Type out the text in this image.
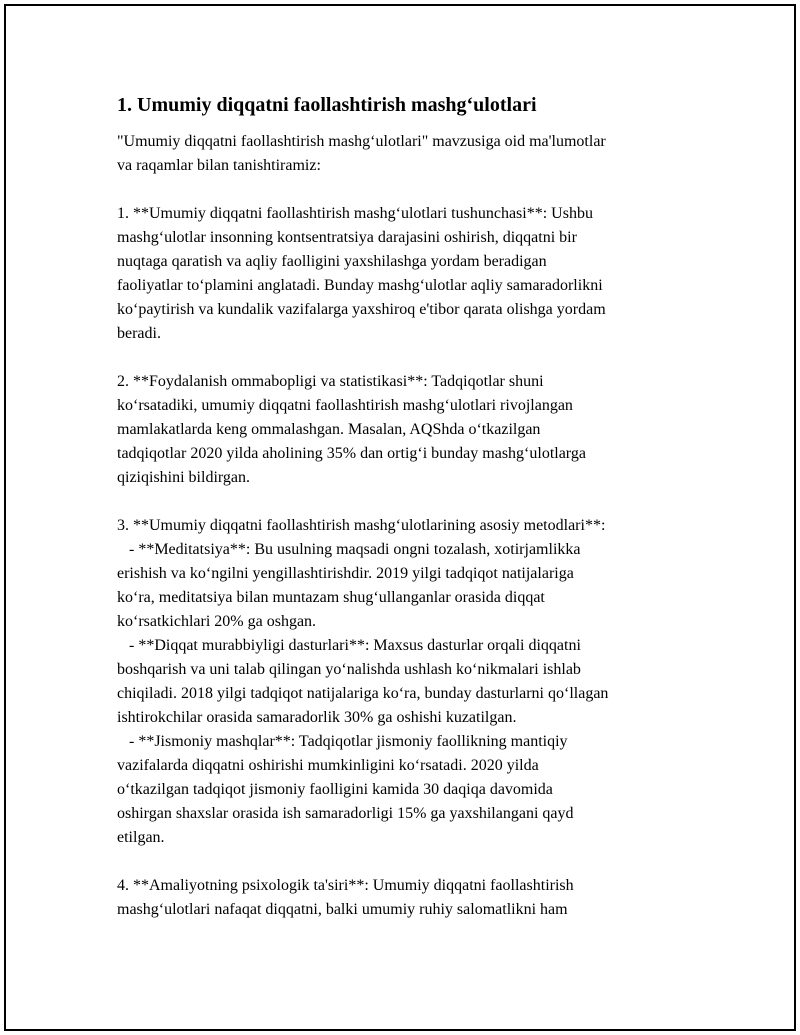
1. Umumiy diqqatni faollashtirish mashg‘ulotlari

"Umumiy diqqatni faollashtirish mashg‘ulotlari" mavzusiga oid ma'lumotlar
va raqamlar bilan tanishtiramiz:

1. **Umumiy diqqatni faollashtirish mashg‘ulotlari tushunchasi**: Ushbu
mashg‘ulotlar insonning kontsentratsiya darajasini oshirish, diqqatni bir
nuqtaga qaratish va aqliy faolligini yaxshilashga yordam beradigan
faoliyatlar to‘plamini anglatadi. Bunday mashg‘ulotlar aqliy samaradorlikni
ko‘paytirish va kundalik vazifalarga yaxshiroq e'tibor qarata olishga yordam
beradi.

2. **Foydalanish ommabopligi va statistikasi**: Tadqiqotlar shuni
ko‘rsatadiki, umumiy diqqatni faollashtirish mashg‘ulotlari rivojlangan
mamlakatlarda keng ommalashgan. Masalan, AQShda o‘tkazilgan
tadqiqotlar 2020 yilda aholining 35% dan ortig‘i bunday mashg‘ulotlarga
qiziqishini bildirgan.

3. **Umumiy diqqatni faollashtirish mashg‘ulotlarining asosiy metodlari**:
- **Meditatsiya**: Bu usulning maqsadi ongni tozalash, xotirjamlikka
erishish va ko‘ngilni yengillashtirishdir. 2019 yilgi tadqiqot natijalariga
ko‘ra, meditatsiya bilan muntazam shug‘ullanganlar orasida diqqat
ko‘rsatkichlari 20% ga oshgan.
- **Diqqat murabbiyligi dasturlari**: Maxsus dasturlar orqali diqqatni
boshqarish va uni talab qilingan yo‘nalishda ushlash ko‘nikmalari ishlab
chiqiladi. 2018 yilgi tadqiqot natijalariga ko‘ra, bunday dasturlarni qo‘llagan
ishtirokchilar orasida samaradorlik 30% ga oshishi kuzatilgan.
- **Jismoniy mashqlar**: Tadqiqotlar jismoniy faollikning mantiqiy
vazifalarda diqqatni oshirishi mumkinligini ko‘rsatadi. 2020 yilda
o‘tkazilgan tadqiqot jismoniy faolligini kamida 30 daqiqa davomida
oshirgan shaxslar orasida ish samaradorligi 15% ga yaxshilangani qayd
etilgan.

4. **Amaliyotning psixologik ta'siri**: Umumiy diqqatni faollashtirish
mashg‘ulotlari nafaqat diqqatni, balki umumiy ruhiy salomatlikni ham
